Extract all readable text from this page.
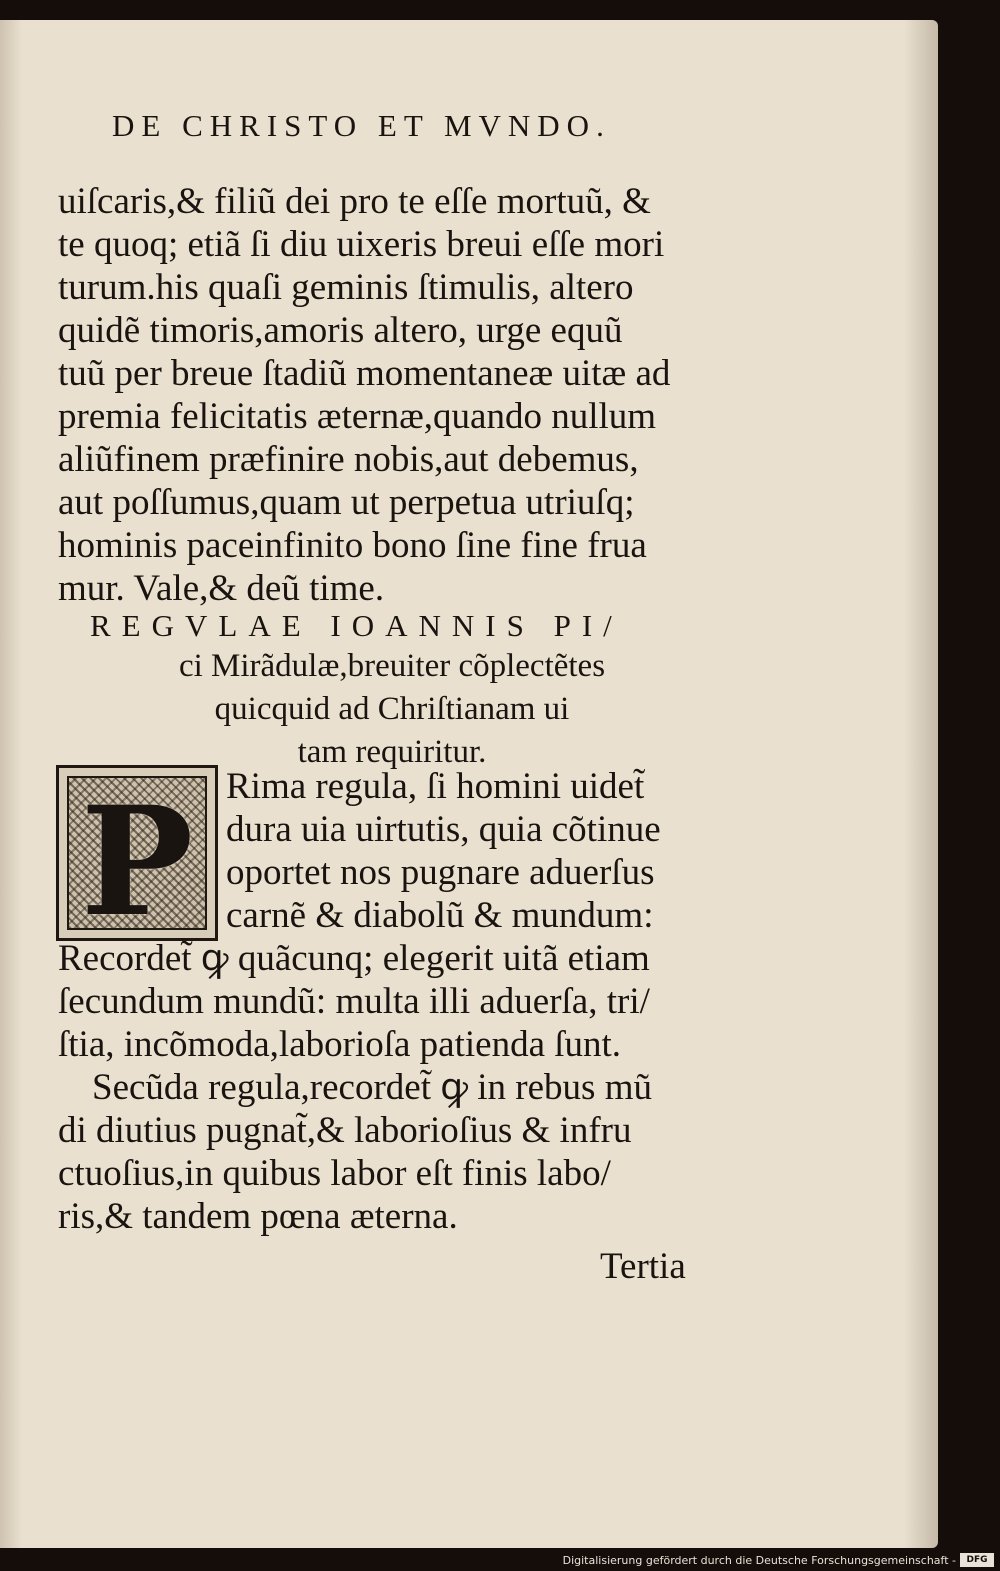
DE CHRISTO ET MVNDO.
uiſcaris,& filiũ dei pro te eſſe mortuũ, &
te quoq; etiã ſi diu uixeris breui eſſe mori
turum.his quaſi geminis ſtimulis, altero
quidẽ timoris,amoris altero, urge equũ
tuũ per breue ſtadiũ momentaneæ uitæ ad
premia felicitatis æternæ,quando nullum
aliũfinem præfinire nobis,aut debemus,
aut poſſumus,quam ut perpetua utriuſq;
hominis paceinfinito bono ſine fine frua
mur. Vale,& deũ time.
REGVLAE IOANNIS PI/
ci Mirãdulæ,breuiter cõplectẽtes
quicquid ad Chriſtianam ui
tam requiritur.
P Rima regula, ſi homini uidet̃
dura uia uirtutis, quia cõtinue
oportet nos pugnare aduerſus
carnẽ & diabolũ & mundum:
Recordet̃ ꝙ quãcunq; elegerit uitã etiam
ſecundum mundũ: multa illi aduerſa, tri/
ſtia, incõmoda,laborioſa patienda ſunt.
Secũda regula,recordet̃ ꝙ in rebus mũ
di diutius pugnat̃,& laborioſius & infru
ctuoſius,in quibus labor eſt finis labo/
ris,& tandem pœna æterna.
Tertia
Digitalisierung gefördert durch die Deutsche Forschungsgemeinschaft -	DFG
